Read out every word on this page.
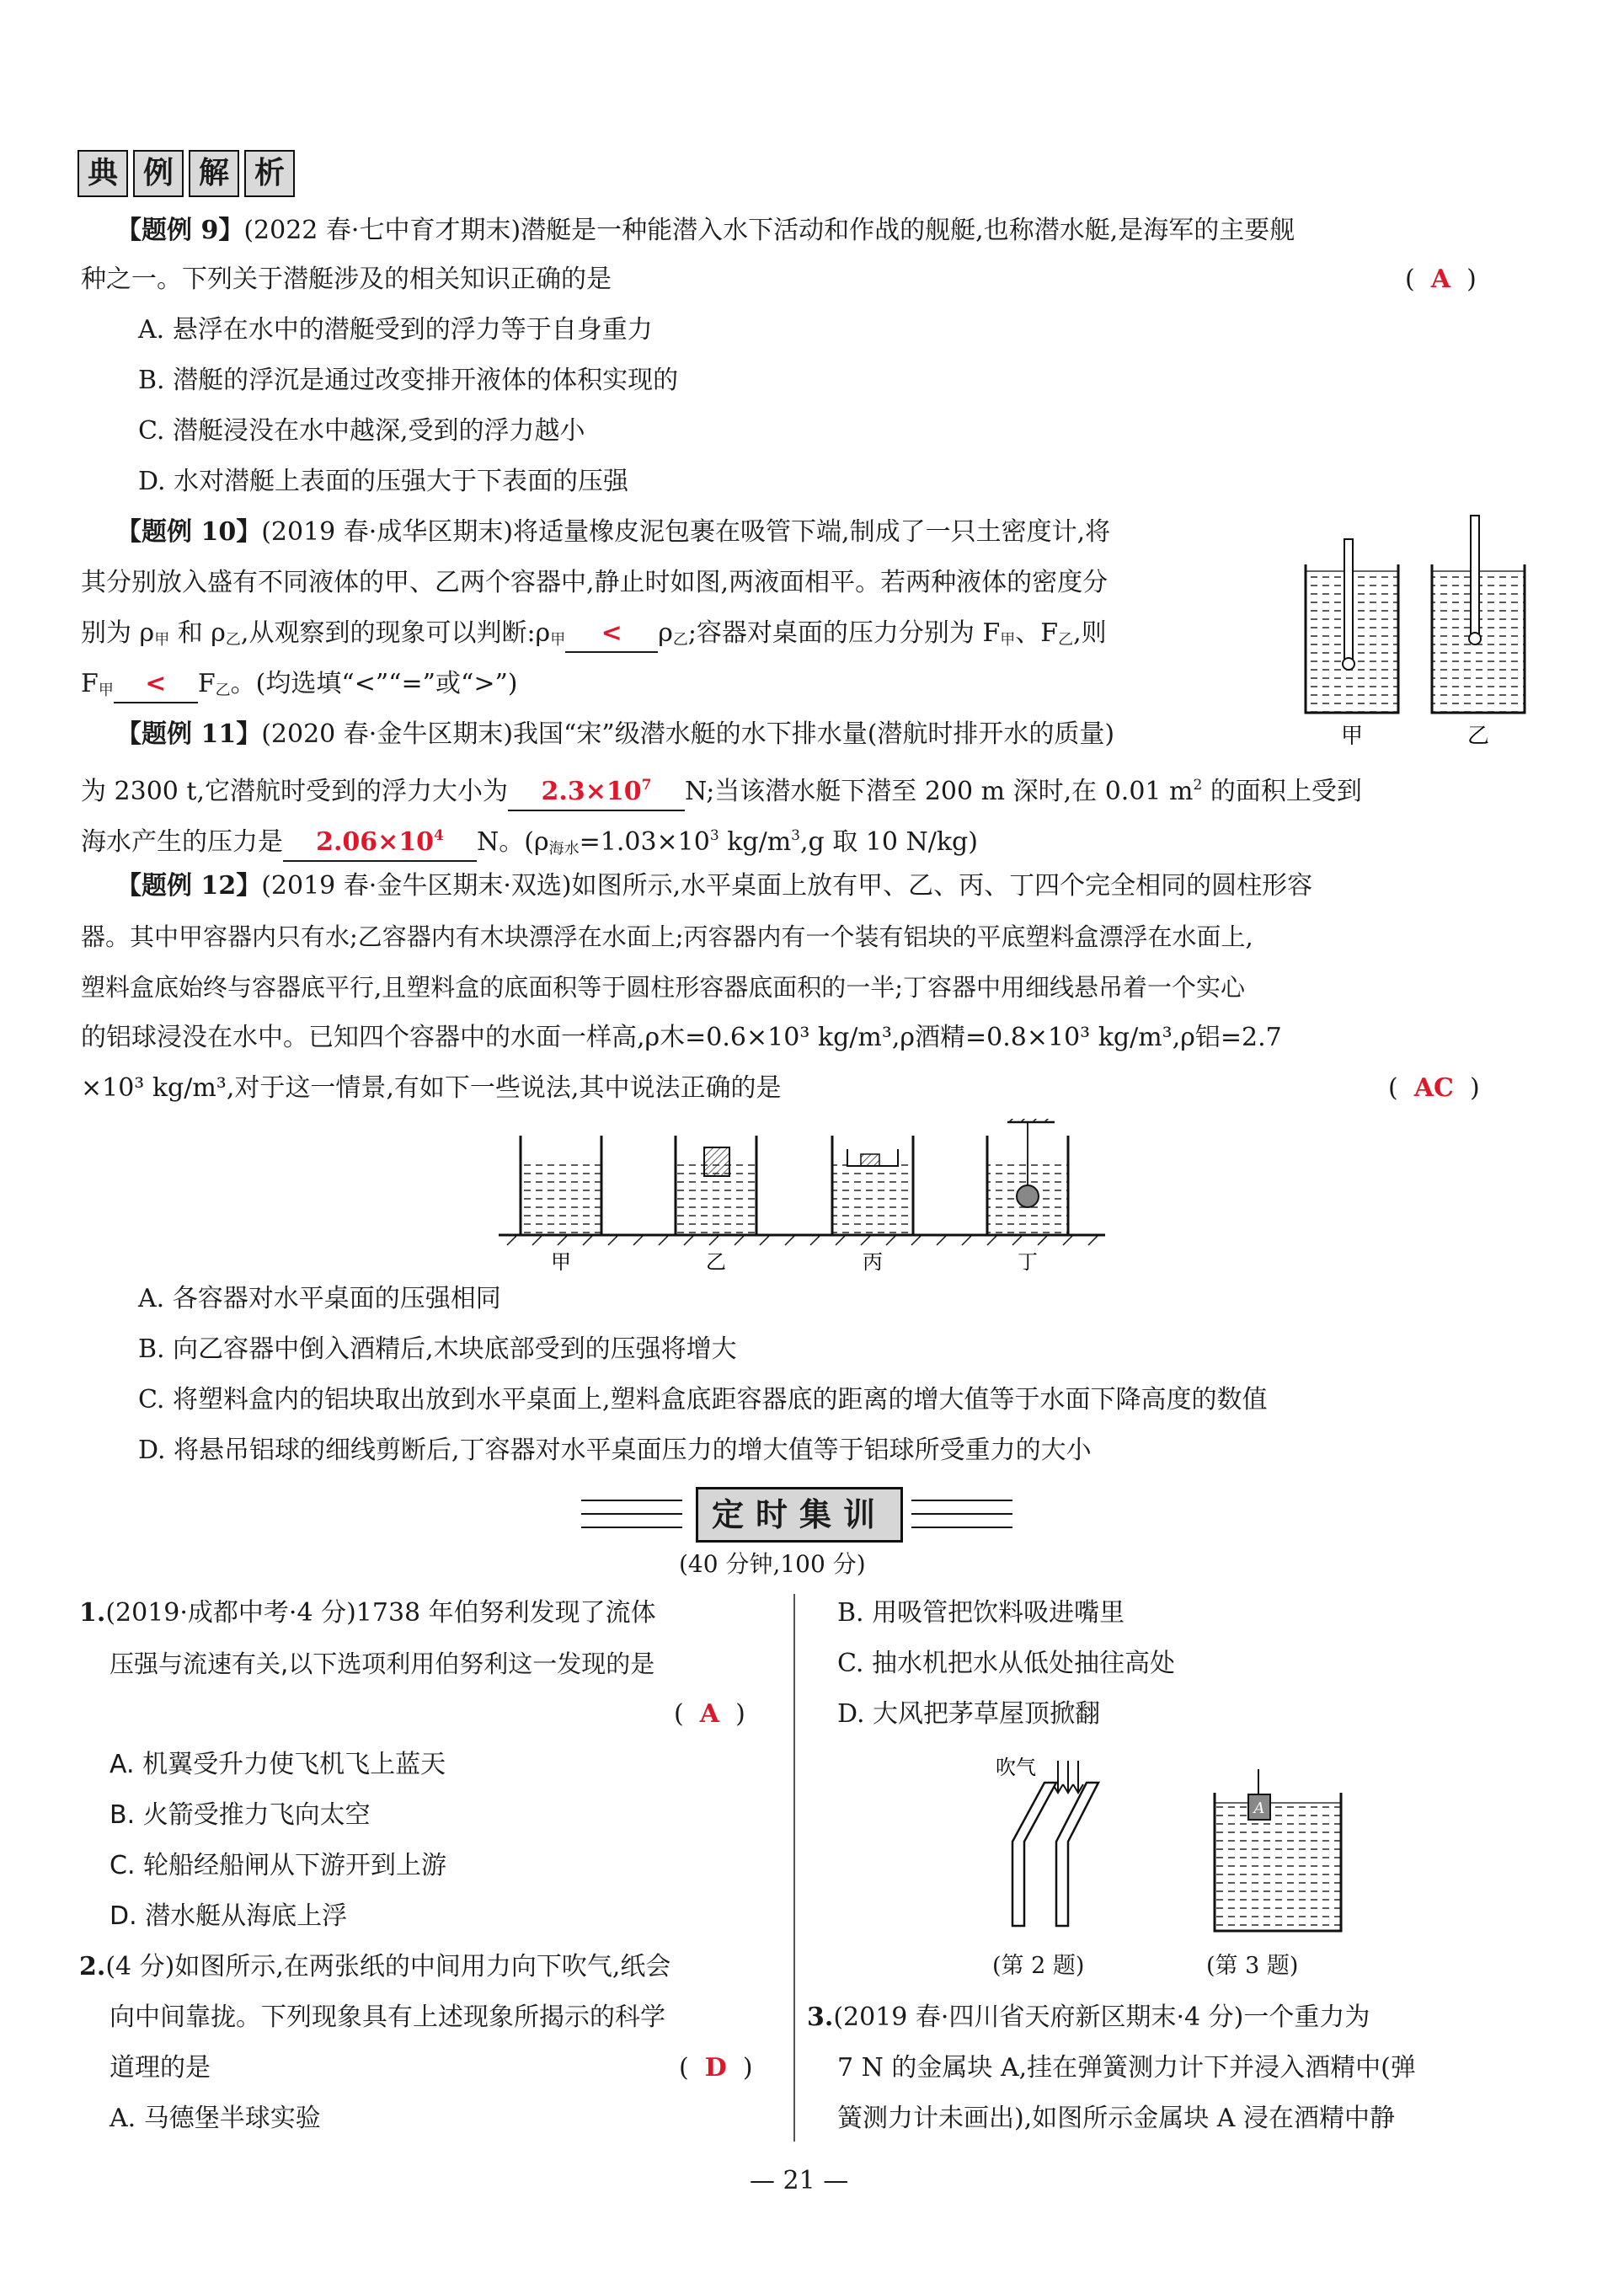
典 例 解 析
【题例 9】(2022 春·七中育才期末)潜艇是一种能潜入水下活动和作战的舰艇,也称潜水艇,是海军的主要舰
种之一。下列关于潜艇涉及的相关知识正确的是	(  A  )
A. 悬浮在水中的潜艇受到的浮力等于自身重力
B. 潜艇的浮沉是通过改变排开液体的体积实现的
C. 潜艇浸没在水中越深,受到的浮力越小
D. 水对潜艇上表面的压强大于下表面的压强
【题例 10】(2019 春·成华区期末)将适量橡皮泥包裹在吸管下端,制成了一只土密度计,将
其分别放入盛有不同液体的甲、乙两个容器中,静止时如图,两液面相平。若两种液体的密度分
别为 $\rho_甲$ 和 $\rho_乙$,从观察到的现象可以判断$:\rho_甲 < \rho_乙$;容器对桌面的压力分别为 $F_甲$、$F_乙$,则
$F_甲 < F_乙$。(均选填“<”“=”或“>”)
甲	乙
【题例 11】(2020 春·金牛区期末)我国“宋”级潜水艇的水下排水量(潜航时排开水的质量)
为 2300 t,它潜航时受到的浮力大小为 $2.3\times 10^7$ N;当该潜水艇下潜至 200 m 深时,在 0.01 $m^2$ 的面积上受到
海水产生的压力是 $2.06\times 10^4$ N。($\rho_{海水}=1.03\times 10^3$ $kg/m^3,g$ 取 10 N/kg)
【题例 12】(2019 春·金牛区期末·双选)如图所示,水平桌面上放有甲、乙、丙、丁四个完全相同的圆柱形容
器。其中甲容器内只有水;乙容器内有木块漂浮在水面上;丙容器内有一个装有铝块的平底塑料盒漂浮在水面上,
塑料盒底始终与容器底平行,且塑料盒的底面积等于圆柱形容器底面积的一半;丁容器中用细线悬吊着一个实心
的铝球浸没在水中。已知四个容器中的水面一样高,ρ木=0.6×10³ kg/m³,ρ酒精=0.8×10³ kg/m³,ρ铝=2.7
×10³ kg/m³,对于这一情景,有如下一些说法,其中说法正确的是	(  AC  )
甲	乙	丙	丁
A. 各容器对水平桌面的压强相同
B. 向乙容器中倒入酒精后,木块底部受到的压强将增大
C. 将塑料盒内的铝块取出放到水平桌面上,塑料盒底距容器底的距离的增大值等于水面下降高度的数值
D. 将悬吊铝球的细线剪断后,丁容器对水平桌面压力的增大值等于铝球所受重力的大小
定时集训
(40 分钟,100 分)
1.(2019·成都中考·4 分)1738 年伯努利发现了流体
压强与流速有关,以下选项利用伯努利这一发现的是
(  A  )
A. 机翼受升力使飞机飞上蓝天
B. 火箭受推力飞向太空
C. 轮船经船闸从下游开到上游
D. 潜水艇从海底上浮
2.(4 分)如图所示,在两张纸的中间用力向下吹气,纸会
向中间靠拢。下列现象具有上述现象所揭示的科学
道理的是	(  D  )
A. 马德堡半球实验
B. 用吸管把饮料吸进嘴里
C. 抽水机把水从低处抽往高处
D. 大风把茅草屋顶掀翻
吹气
A
(第 2 题)	(第 3 题)
3.(2019 春·四川省天府新区期末·4 分)一个重力为
7 N 的金属块 A,挂在弹簧测力计下并浸入酒精中(弹
簧测力计未画出),如图所示金属块 A 浸在酒精中静
— 21 —
